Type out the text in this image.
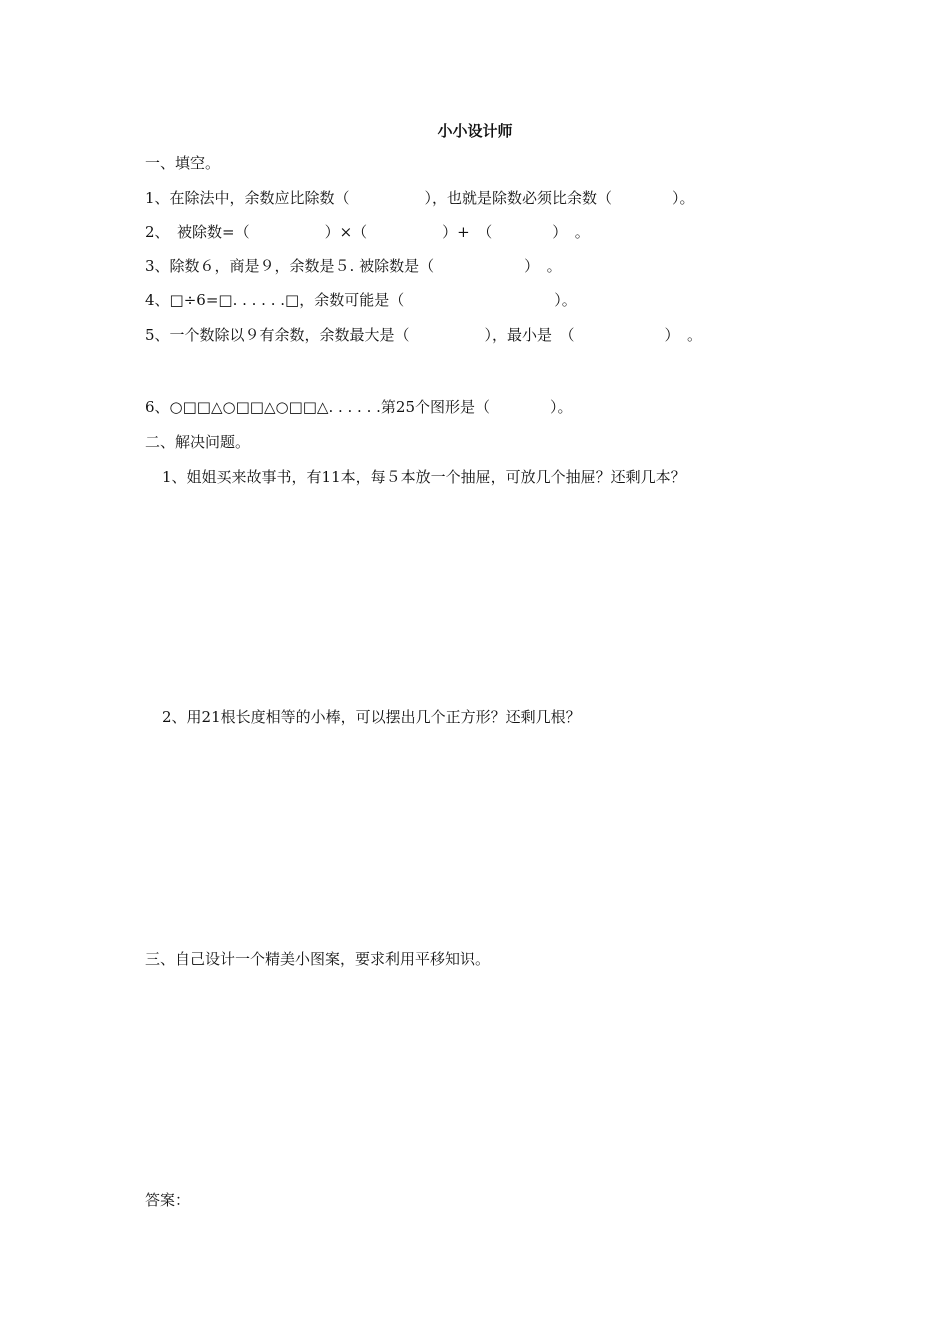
小小设计师
一、填空。
1、在除法中，余数应比除数（　　　　　），也就是除数必须比余数（　　　　）。
2、　被除数=（　　　　　）×（　　　　　）+　（　　　　）　。
3、除数６，商是９，余数是５. 被除数是（　　　　　　）　。
4、□÷6=□. . . . . .□，余数可能是（　　　　　　　　　　）。
5、一个数除以９有余数，余数最大是（　　　　　），最小是　（　　　　　　）　。
6、○□□△○□□△○□□△. . . . . .第25个图形是（　　　　）。
二、解决问题。
1、姐姐买来故事书，有11本，每５本放一个抽屉，可放几个抽屉？还剩几本？
2、用21根长度相等的小棒，可以摆出几个正方形？还剩几根？
三、自己设计一个精美小图案，要求利用平移知识。
答案：
